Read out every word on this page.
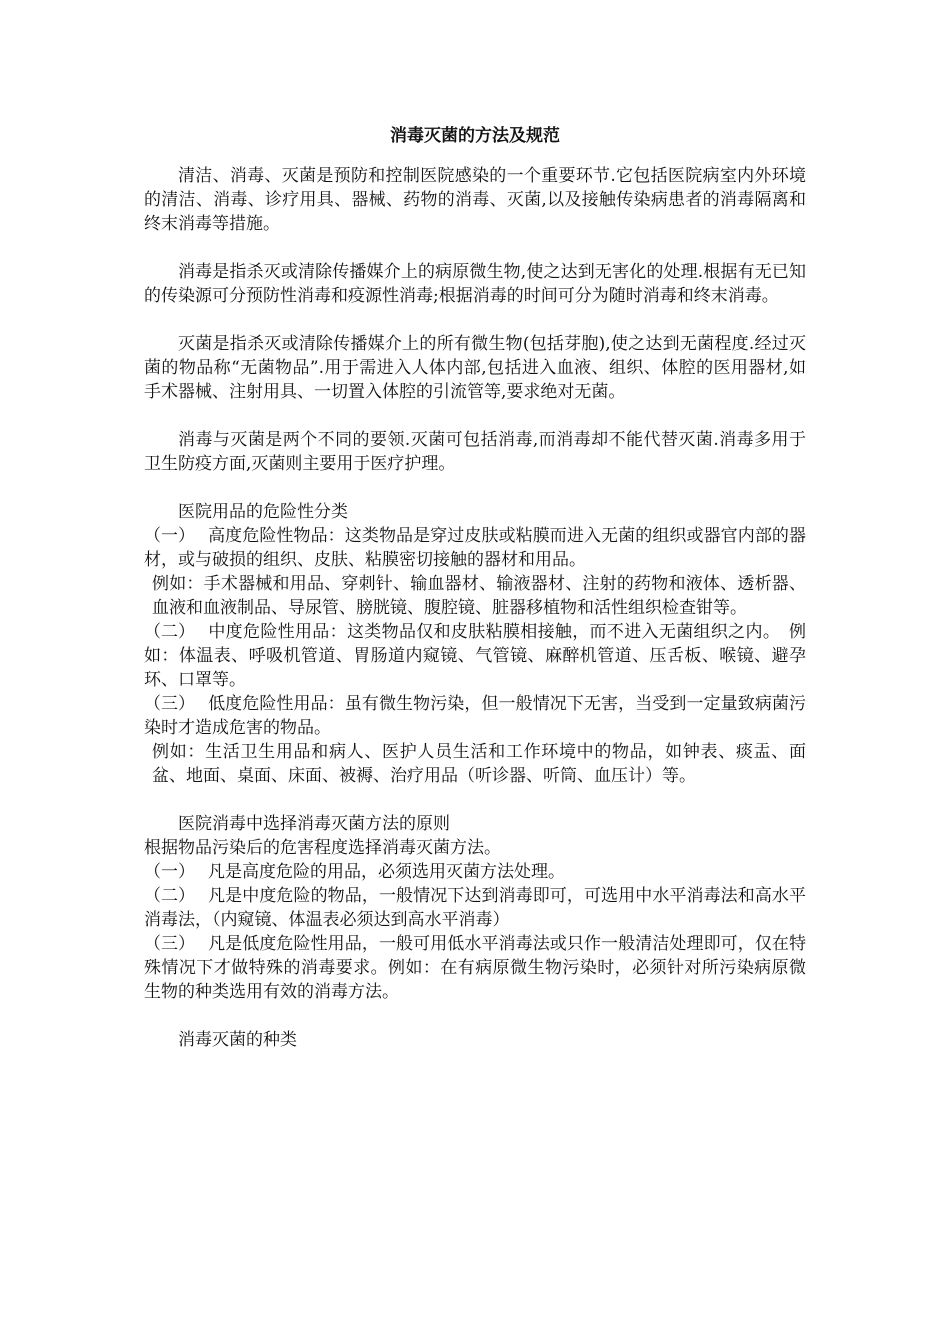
消毒灭菌的方法及规范

清洁、消毒、灭菌是预防和控制医院感染的一个重要环节.它包括医院病室内外环境的清洁、消毒、诊疗用具、器械、药物的消毒、灭菌,以及接触传染病患者的消毒隔离和终末消毒等措施。

消毒是指杀灭或清除传播媒介上的病原微生物,使之达到无害化的处理.根据有无已知的传染源可分预防性消毒和疫源性消毒;根据消毒的时间可分为随时消毒和终末消毒。

灭菌是指杀灭或清除传播媒介上的所有微生物(包括芽胞),使之达到无菌程度.经过灭菌的物品称“无菌物品”.用于需进入人体内部,包括进入血液、组织、体腔的医用器材,如手术器械、注射用具、一切置入体腔的引流管等,要求绝对无菌。

消毒与灭菌是两个不同的要领.灭菌可包括消毒,而消毒却不能代替灭菌.消毒多用于卫生防疫方面,灭菌则主要用于医疗护理。

医院用品的危险性分类

（一） 高度危险性物品：这类物品是穿过皮肤或粘膜而进入无菌的组织或器官内部的器材，或与破损的组织、皮肤、粘膜密切接触的器材和用品。

例如：手术器械和用品、穿刺针、输血器材、输液器材、注射的药物和液体、透析器、血液和血液制品、导尿管、膀胱镜、腹腔镜、脏器移植物和活性组织检查钳等。

（二） 中度危险性用品：这类物品仅和皮肤粘膜相接触，而不进入无菌组织之内。　例如：体温表、呼吸机管道、胃肠道内窥镜、气管镜、麻醉机管道、压舌板、喉镜、避孕环、口罩等。

（三） 低度危险性用品：虽有微生物污染，但一般情况下无害，当受到一定量致病菌污　染时才造成危害的物品。

例如：生活卫生用品和病人、医护人员生活和工作环境中的物品，如钟表、痰盂、面　盆、地面、桌面、床面、被褥、治疗用品（听诊器、听筒、血压计）等。

医院消毒中选择消毒灭菌方法的原则

根据物品污染后的危害程度选择消毒灭菌方法。

（一） 凡是高度危险的用品，必须选用灭菌方法处理。

（二） 凡是中度危险的物品，一般情况下达到消毒即可，可选用中水平消毒法和高水平　消毒法，（内窥镜、体温表必须达到高水平消毒）

（三） 凡是低度危险性用品，一般可用低水平消毒法或只作一般清洁处理即可，仅在特殊情况下才做特殊的消毒要求。例如：在有病原微生物污染时，必须针对所污染病原微生物的种类选用有效的消毒方法。

消毒灭菌的种类
